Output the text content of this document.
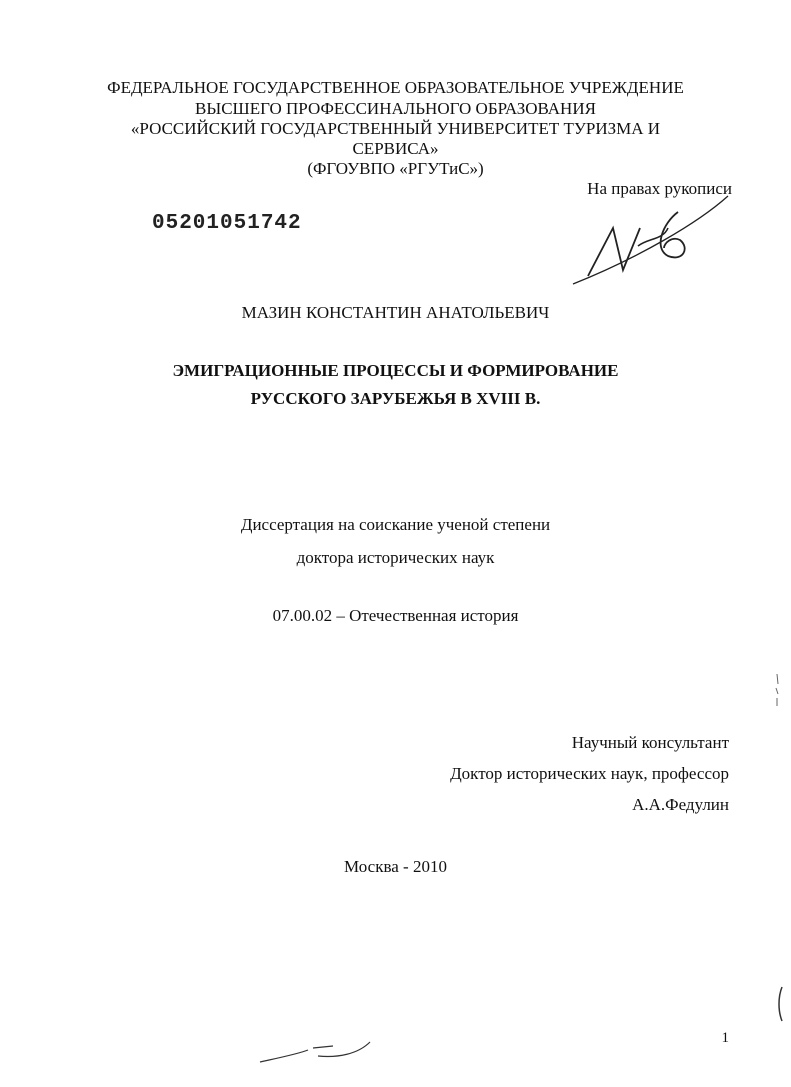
ФЕДЕРАЛЬНОЕ ГОСУДАРСТВЕННОЕ ОБРАЗОВАТЕЛЬНОЕ УЧРЕЖДЕНИЕ
ВЫСШЕГО ПРОФЕССИНАЛЬНОГО ОБРАЗОВАНИЯ
«РОССИЙСКИЙ ГОСУДАРСТВЕННЫЙ УНИВЕРСИТЕТ ТУРИЗМА И
СЕРВИСА»
(ФГОУВПО «РГУТиС»)
На правах рукописи
05201051742
МАЗИН КОНСТАНТИН АНАТОЛЬЕВИЧ
ЭМИГРАЦИОННЫЕ ПРОЦЕССЫ И ФОРМИРОВАНИЕ
РУССКОГО ЗАРУБЕЖЬЯ В XVIII В.
Диссертация на соискание ученой степени
доктора исторических наук
07.00.02 – Отечественная история
Научный консультант
Доктор исторических наук, профессор
А.А.Федулин
Москва - 2010
1
